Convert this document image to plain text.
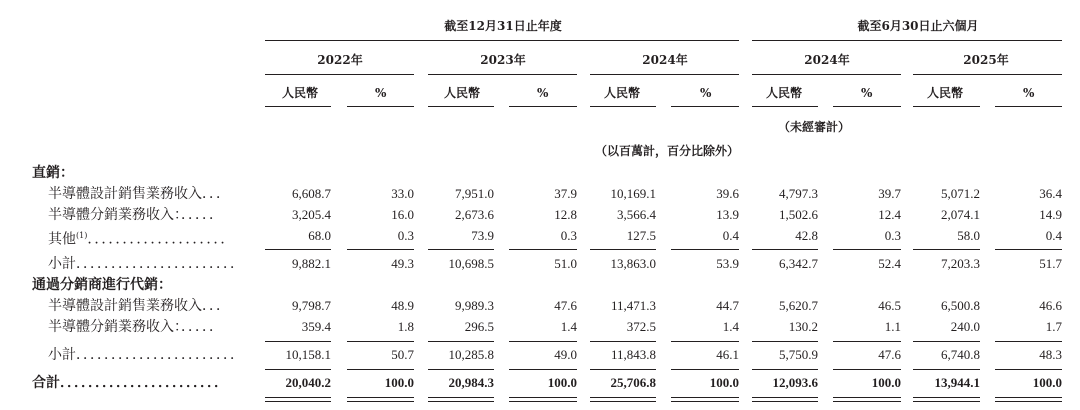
截至12月31日止年度	截至6月30日止六個月
2022年	2023年	2024年	2024年	2025年
人民幣	%	人民幣	%	人民幣	%	人民幣	%	人民幣	%
（未經審計）
（以百萬計，百分比除外）
直銷：
半導體設計銷售業務收入．．．	6,608.7	33.0	7,951.0	37.9	10,169.1	39.6	4,797.3	39.7	5,071.2	36.4
半導體分銷業務收入：．．．．．	3,205.4	16.0	2,673.6	12.8	3,566.4	13.9	1,502.6	12.4	2,074.1	14.9
其他$^{(1)}$．．．．．．．．．．．．．．．．．．．．	68.0	0.3	73.9	0.3	127.5	0.4	42.8	0.3	58.0	0.4
小計．．．．．．．．．．．．．．．．．．．．．．．	9,882.1	49.3	10,698.5	51.0	13,863.0	53.9	6,342.7	52.4	7,203.3	51.7
通過分銷商進行代銷：
半導體設計銷售業務收入．．．	9,798.7	48.9	9,989.3	47.6	11,471.3	44.7	5,620.7	46.5	6,500.8	46.6
半導體分銷業務收入：．．．．．	359.4	1.8	296.5	1.4	372.5	1.4	130.2	1.1	240.0	1.7
小計．．．．．．．．．．．．．．．．．．．．．．．	10,158.1	50.7	10,285.8	49.0	11,843.8	46.1	5,750.9	47.6	6,740.8	48.3
合計．．．．．．．．．．．．．．．．．．．．．．．	20,040.2	100.0	20,984.3	100.0	25,706.8	100.0	12,093.6	100.0	13,944.1	100.0
